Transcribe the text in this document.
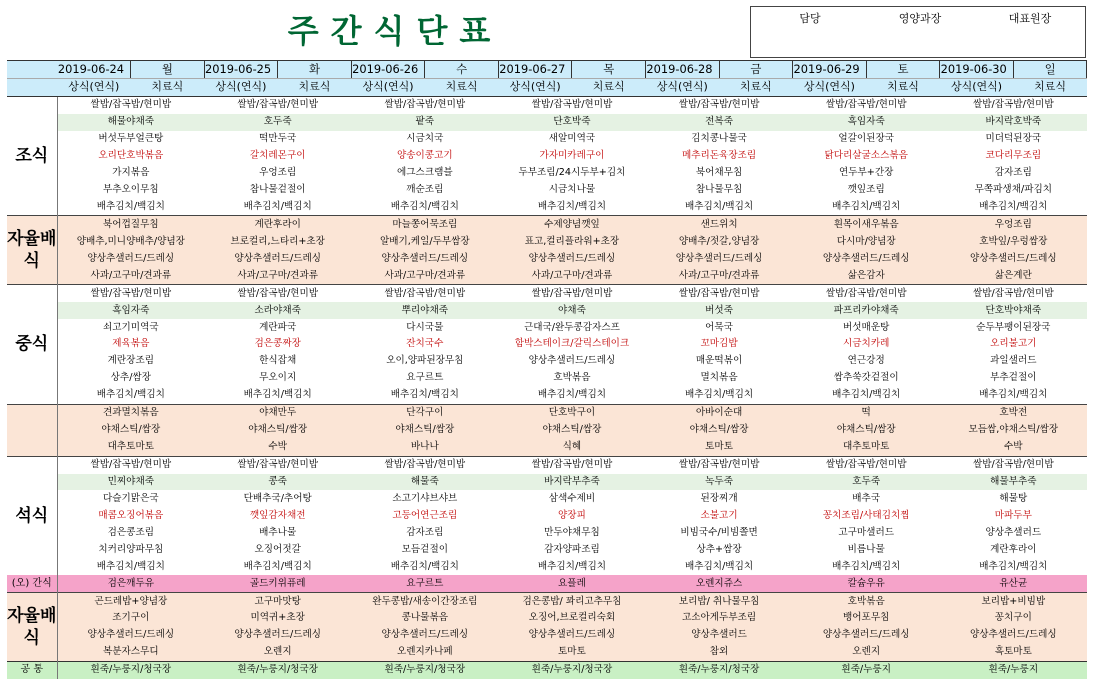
주간식단표	담당	영양과장	대표원장
	2019-06-24	월	2019-06-25	화	2019-06-26	수	2019-06-27	목	2019-06-28	금	2019-06-29	토	2019-06-30	일
	상식(연식)	치료식	상식(연식)	치료식	상식(연식)	치료식	상식(연식)	치료식	상식(연식)	치료식	상식(연식)	치료식	상식(연식)	치료식
조식	쌀밥/잡곡밥/현미밥		쌀밥/잡곡밥/현미밥		쌀밥/잡곡밥/현미밥		쌀밥/잡곡밥/현미밥		쌀밥/잡곡밥/현미밥		쌀밥/잡곡밥/현미밥		쌀밥/잡곡밥/현미밥	
	해물야채죽		호두죽		팥죽		단호박죽		전복죽		흑임자죽		바지락호박죽	
	버섯두부얼큰탕		떡만두국		시금치국		새알미역국		김치콩나물국		얼갈이된장국		미더덕된장국	
	오리단호박볶음		갈치레몬구이		양송이콩고기		가자미카레구이		메추리돈육장조림		닭다리살굴소스볶음		코다리무조림	
	가지볶음		우엉조림		에그스크램블		두부조림/24시두부+김치		북어채무침		연두부+간장		감자조림	
	부추오이무침		참나물겉절이		깨순조림		시금치나물		참나물무침		깻잎조림		무쪽파생채/파김치	
	배추김치/백김치		배추김치/백김치		배추김치/백김치		배추김치/백김치		배추김치/백김치		배추김치/백김치		배추김치/백김치	
자율배식	북어껍질무침		계란후라이		마늘쫑어묵조림		수제양념깻잎		샌드위치		흰목이새우볶음		우엉조림	
	양배추,미니양배추/양념장		브로컬리,느타리+초장		알배기,케일/두부쌈장		표고,컬리플라워+초장		양배추/젓갈,양념장		다시마/양념장		호박잎/우렁쌈장	
	양상추샐러드/드레싱		양상추샐러드/드레싱		양상추샐러드/드레싱		양상추샐러드/드레싱		양상추샐러드/드레싱		양상추샐러드/드레싱		양상추샐러드/드레싱	
	사과/고구마/견과류		사과/고구마/견과류		사과/고구마/견과류		사과/고구마/견과류		사과/고구마/견과류		삶은감자		삶은계란	
중식	쌀밥/잡곡밥/현미밥		쌀밥/잡곡밥/현미밥		쌀밥/잡곡밥/현미밥		쌀밥/잡곡밥/현미밥		쌀밥/잡곡밥/현미밥		쌀밥/잡곡밥/현미밥		쌀밥/잡곡밥/현미밥	
	흑임자죽		소라야채죽		뿌리야채죽		야채죽		버섯죽		파프리카야채죽		단호박야채죽	
	쇠고기미역국		계란파국		다시국물		근대국/완두콩감자스프		어묵국		버섯매운탕		순두부팽이된장국	
	제육볶음		검은콩짜장		잔치국수		함박스테이크/갈릭스테이크		꼬마김밥		시금치카레		오리불고기	
	계란장조림		한식잡채		오이,양파된장무침		양상추샐러드/드레싱		매운떡볶이		연근강정		과일샐러드	
	상추/쌈장		무오이지		요구르트		호박볶음		멸치볶음		쌈추쑥갓겉절이		부추겉절이	
	배추김치/백김치		배추김치/백김치		배추김치/백김치		배추김치/백김치		배추김치/백김치		배추김치/백김치		배추김치/백김치	
	견과멸치볶음		야채만두		단각구이		단호박구이		아바이순대		떡		호박전	
	야채스틱/쌈장		야채스틱/쌈장		야채스틱/쌈장		야채스틱/쌈장		야채스틱/쌈장		야채스틱/쌈장		모듬쌈,야채스틱/쌈장	
	대추토마토		수박		바나나		식혜		토마토		대추토마토		수박	
석식	쌀밥/잡곡밥/현미밥		쌀밥/잡곡밥/현미밥		쌀밥/잡곡밥/현미밥		쌀밥/잡곡밥/현미밥		쌀밥/잡곡밥/현미밥		쌀밥/잡곡밥/현미밥		쌀밥/잡곡밥/현미밥	
	민찌야채죽		콩죽		해물죽		바지락부추죽		녹두죽		호두죽		해물부추죽	
	다슬기맑은국		단배추국/추어탕		소고기샤브샤브		삼색수제비		된장찌개		배추국		해물탕	
	매콤오징어볶음		깻잎감자채전		고등어연근조림		양장피		소불고기		꽁치조림/사태김치찜		마파두부	
	검은콩조림		배추나물		감자조림		만두야채무침		비빔국수/비빔쫄면		고구마샐러드		양상추샐러드	
	치커리양파무침		오징어젓갈		모듬겉절이		감자양파조림		상추+쌈장		비름나물		계란후라이	
	배추김치/백김치		배추김치/백김치		배추김치/백김치		배추김치/백김치		배추김치/백김치		배추김치/백김치		배추김치/백김치	
(오) 간식	검은깨두유		골드키위퓨레		요구르트		요플레		오렌지쥬스		칼슘우유		유산균	
자율배식	곤드레밥+양념장		고구마맛탕		완두콩밥/새송이간장조림		검은콩밥/ 꽈리고추무침		보리밥/ 취나물무침		호박볶음		보리밥+비빔밥	
	조기구이		미역귀+초장		콩나물볶음		오징어,브로컬리숙회		고소아게두부조림		뱅어포무침		꽁치구이	
	양상추샐러드/드레싱		양상추샐러드/드레싱		양상추샐러드/드레싱		양상추샐러드/드레싱		양상추샐러드		양상추샐러드/드레싱		양상추샐러드/드레싱	
	복분자스무디		오렌지		오렌지카나페		토마토		참외		오렌지		흑토마토	
공 통	흰죽/누룽지/청국장		흰죽/누룽지/청국장		흰죽/누룽지/청국장		흰죽/누룽지/청국장		흰죽/누룽지/청국장		흰죽/누룽지		흰죽/누룽지	
